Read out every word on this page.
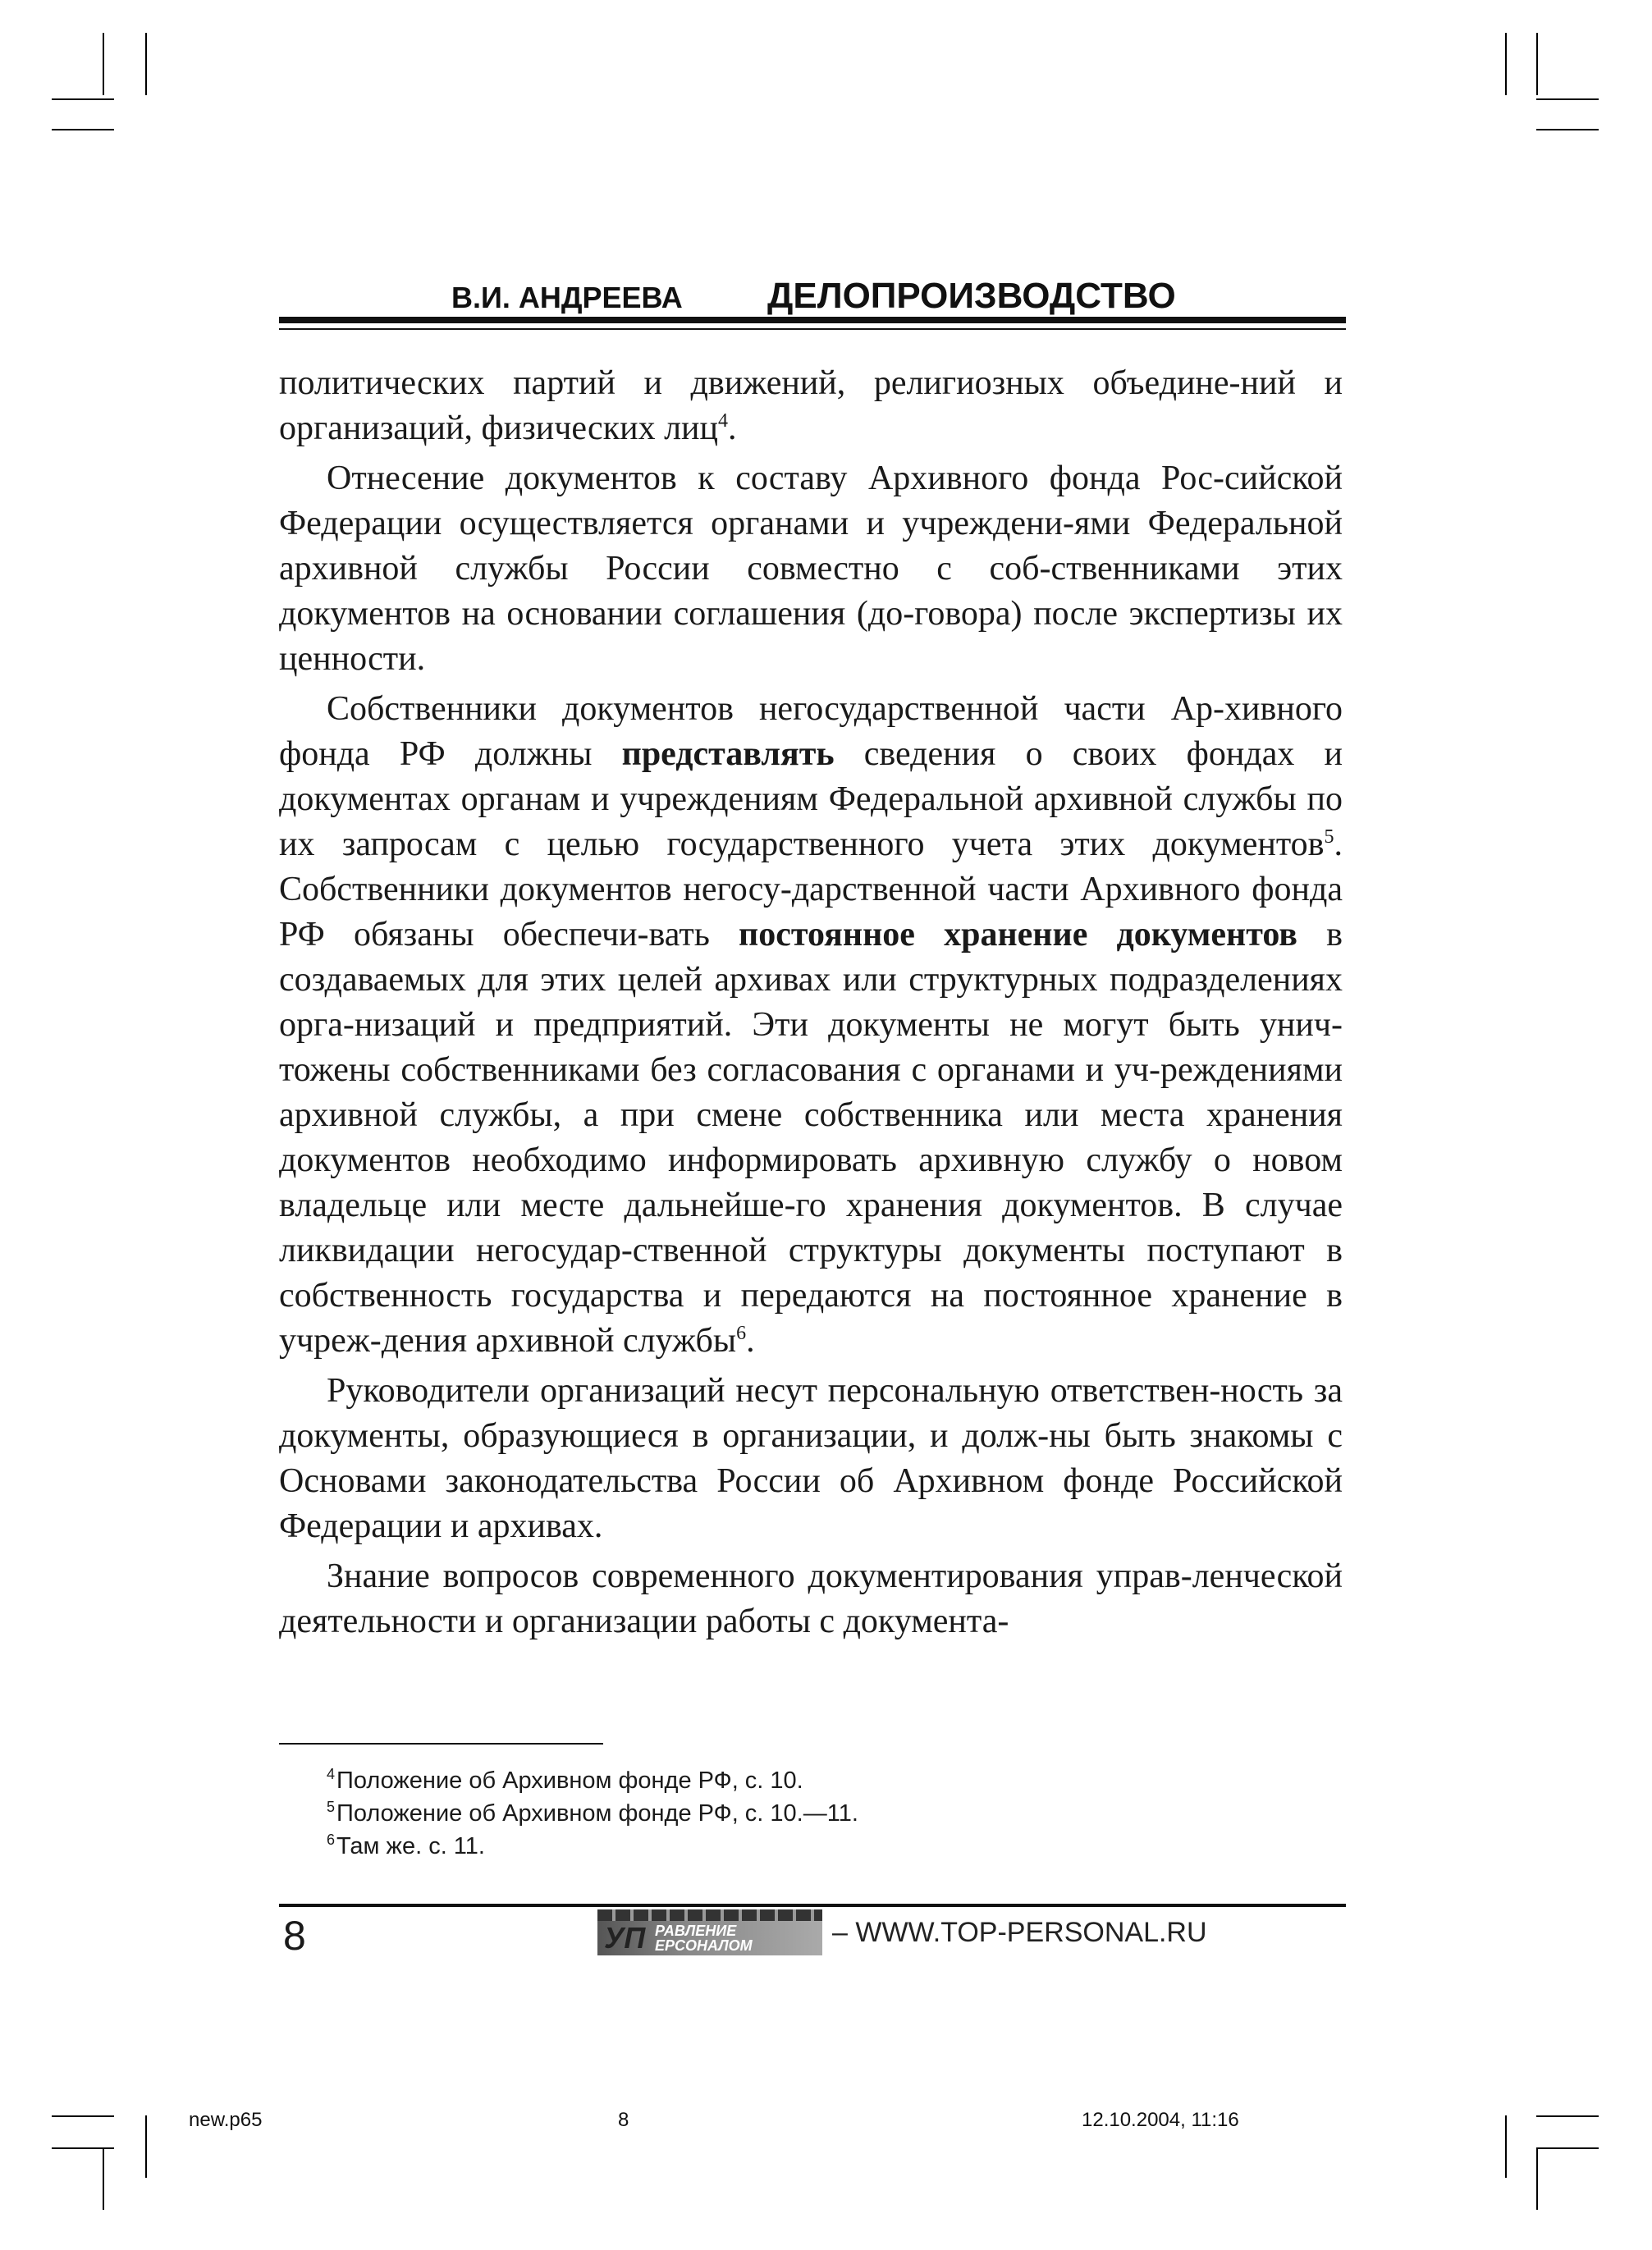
В.И. АНДРЕЕВА ДЕЛОПРОИЗВОДСТВО

политических партий и движений, религиозных объедине-ний и организаций, физических лиц$^4$.

Отнесение документов к составу Архивного фонда Рос-сийской Федерации осуществляется органами и учреждени-ями Федеральной архивной службы России совместно с соб-ственниками этих документов на основании соглашения (до-говора) после экспертизы их ценности.

Собственники документов негосударственной части Ар-хивного фонда РФ должны представлять сведения о своих фондах и документах органам и учреждениям Федеральной архивной службы по их запросам с целью государственного учета этих документов$^5$. Собственники документов негосу-дарственной части Архивного фонда РФ обязаны обеспечи-вать постоянное хранение документов в создаваемых для этих целей архивах или структурных подразделениях орга-низаций и предприятий. Эти документы не могут быть унич-тожены собственниками без согласования с органами и уч-реждениями архивной службы, а при смене собственника или места хранения документов необходимо информировать архивную службу о новом владельце или месте дальнейше-го хранения документов. В случае ликвидации негосудар-ственной структуры документы поступают в собственность государства и передаются на постоянное хранение в учреж-дения архивной службы$^6$.

Руководители организаций несут персональную ответствен-ность за документы, образующиеся в организации, и долж-ны быть знакомы с Основами законодательства России об Архивном фонде Российской Федерации и архивах.

Знание вопросов современного документирования управ-ленческой деятельности и организации работы с документа-

$^4$Положение об Архивном фонде РФ, с. 10.
$^5$Положение об Архивном фонде РФ, с. 10.—11.
$^6$Там же. с. 11.
8	УП РАВЛЕНИЕ
ЕРСОНАЛОМ	– WWW.TOP-PERSONAL.RU
new.p65	8	12.10.2004, 11:16
